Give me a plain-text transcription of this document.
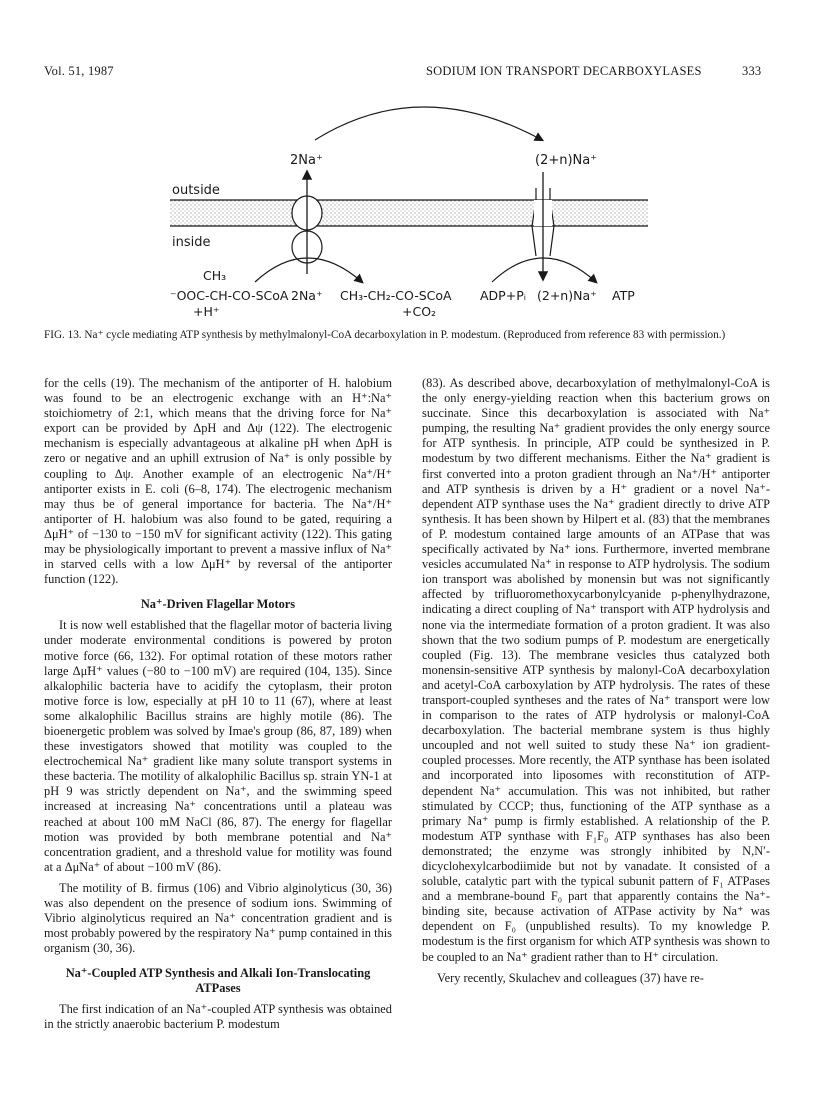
Vol. 51, 1987	SODIUM ION TRANSPORT DECARBOXYLASES	333
2Na⁺	(2+n)Na⁺
outside
inside
CH₃
⁻OOC-CH-CO-SCoA
+H⁺
2Na⁺ CH₃-CH₂-CO-SCoA
+CO₂
ADP+Pᵢ (2+n)Na⁺ ATP
FIG. 13. Na⁺ cycle mediating ATP synthesis by methylmalonyl-CoA decarboxylation in P. modestum. (Reproduced from reference 83 with permission.)

for the cells (19). The mechanism of the antiporter of H. halobium was found to be an electrogenic exchange with an H⁺:Na⁺ stoichiometry of 2:1, which means that the driving force for Na⁺ export can be provided by ΔpH and Δψ (122). The electrogenic mechanism is especially advantageous at alkaline pH when ΔpH is zero or negative and an uphill extrusion of Na⁺ is only possible by coupling to Δψ. Another example of an electrogenic Na⁺/H⁺ antiporter exists in E. coli (6–8, 174). The electrogenic mechanism may thus be of general importance for bacteria. The Na⁺/H⁺ antiporter of H. halobium was also found to be gated, requiring a Δμ̃H⁺ of −130 to −150 mV for significant activity (122). This gating may be physiologically important to prevent a massive influx of Na⁺ in starved cells with a low Δμ̃H⁺ by reversal of the antiporter function (122).

Na⁺-Driven Flagellar Motors

It is now well established that the flagellar motor of bacteria living under moderate environmental conditions is powered by proton motive force (66, 132). For optimal rotation of these motors rather large Δμ̃H⁺ values (−80 to −100 mV) are required (104, 135). Since alkalophilic bacteria have to acidify the cytoplasm, their proton motive force is low, especially at pH 10 to 11 (67), where at least some alkalophilic Bacillus strains are highly motile (86). The bioenergetic problem was solved by Imae's group (86, 87, 189) when these investigators showed that motility was coupled to the electrochemical Na⁺ gradient like many solute transport systems in these bacteria. The motility of alkalophilic Bacillus sp. strain YN-1 at pH 9 was strictly dependent on Na⁺, and the swimming speed increased at increasing Na⁺ concentrations until a plateau was reached at about 100 mM NaCl (86, 87). The energy for flagellar motion was provided by both membrane potential and Na⁺ concentration gradient, and a threshold value for motility was found at a Δμ̃Na⁺ of about −100 mV (86).

The motility of B. firmus (106) and Vibrio alginolyticus (30, 36) was also dependent on the presence of sodium ions. Swimming of Vibrio alginolyticus required an Na⁺ concentration gradient and is most probably powered by the respiratory Na⁺ pump contained in this organism (30, 36).

Na⁺-Coupled ATP Synthesis and Alkali Ion-Translocating ATPases

The first indication of an Na⁺-coupled ATP synthesis was obtained in the strictly anaerobic bacterium P. modestum

(83). As described above, decarboxylation of methylmalonyl-CoA is the only energy-yielding reaction when this bacterium grows on succinate. Since this decarboxylation is associated with Na⁺ pumping, the resulting Na⁺ gradient provides the only energy source for ATP synthesis. In principle, ATP could be synthesized in P. modestum by two different mechanisms. Either the Na⁺ gradient is first converted into a proton gradient through an Na⁺/H⁺ antiporter and ATP synthesis is driven by a H⁺ gradient or a novel Na⁺-dependent ATP synthase uses the Na⁺ gradient directly to drive ATP synthesis. It has been shown by Hilpert et al. (83) that the membranes of P. modestum contained large amounts of an ATPase that was specifically activated by Na⁺ ions. Furthermore, inverted membrane vesicles accumulated Na⁺ in response to ATP hydrolysis. The sodium ion transport was abolished by monensin but was not significantly affected by trifluoromethoxycarbonylcyanide p-phenylhydrazone, indicating a direct coupling of Na⁺ transport with ATP hydrolysis and none via the intermediate formation of a proton gradient. It was also shown that the two sodium pumps of P. modestum are energetically coupled (Fig. 13). The membrane vesicles thus catalyzed both monensin-sensitive ATP synthesis by malonyl-CoA decarboxylation and acetyl-CoA carboxylation by ATP hydrolysis. The rates of these transport-coupled syntheses and the rates of Na⁺ transport were low in comparison to the rates of ATP hydrolysis or malonyl-CoA decarboxylation. The bacterial membrane system is thus highly uncoupled and not well suited to study these Na⁺ ion gradient-coupled processes. More recently, the ATP synthase has been isolated and incorporated into liposomes with reconstitution of ATP-dependent Na⁺ accumulation. This was not inhibited, but rather stimulated by CCCP; thus, functioning of the ATP synthase as a primary Na⁺ pump is firmly established. A relationship of the P. modestum ATP synthase with F₁F₀ ATP synthases has also been demonstrated; the enzyme was strongly inhibited by N,N′-dicyclohexylcarbodiimide but not by vanadate. It consisted of a soluble, catalytic part with the typical subunit pattern of F₁ ATPases and a membrane-bound F₀ part that apparently contains the Na⁺-binding site, because activation of ATPase activity by Na⁺ was dependent on F₀ (unpublished results). To my knowledge P. modestum is the first organism for which ATP synthesis was shown to be coupled to an Na⁺ gradient rather than to H⁺ circulation.

Very recently, Skulachev and colleagues (37) have re-
